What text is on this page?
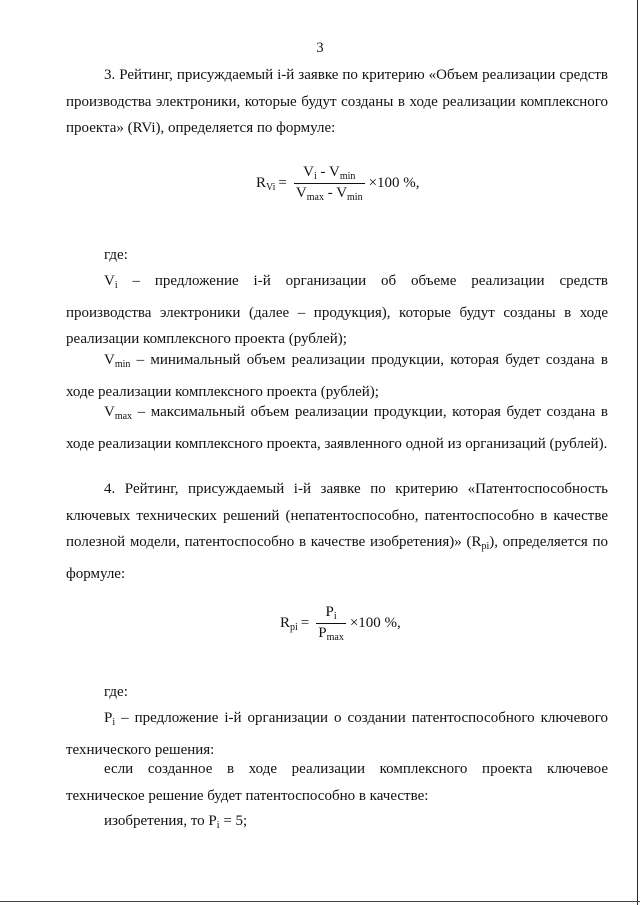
3

3. Рейтинг, присуждаемый i-й заявке по критерию «Объем реализации средств производства электроники, которые будут созданы в ходе реализации комплексного проекта» (RVi), определяется по формуле:

$R_{Vi} = \frac{V_i - V_{min}}{V_{max} - V_{min}} \times 100$ %,

где:

$V_i$ – предложение i-й организации об объеме реализации средств производства электроники (далее – продукция), которые будут созданы в ходе реализации комплексного проекта (рублей);

$V_{min}$ – минимальный объем реализации продукции, которая будет создана в ходе реализации комплексного проекта (рублей);

$V_{max}$ – максимальный объем реализации продукции, которая будет создана в ходе реализации комплексного проекта, заявленного одной из организаций (рублей).

4. Рейтинг, присуждаемый i-й заявке по критерию «Патентоспособность ключевых технических решений (непатентоспособно, патентоспособно в качестве полезной модели, патентоспособно в качестве изобретения)» $(R_{pi})$, определяется по формуле:

$R_{pi} = \frac{P_i}{P_{max}} \times 100$ %,

где:

$P_i$ – предложение i-й организации о создании патентоспособного ключевого технического решения:

если созданное в ходе реализации комплексного проекта ключевое техническое решение будет патентоспособно в качестве:

изобретения, то $P_i = 5$;
